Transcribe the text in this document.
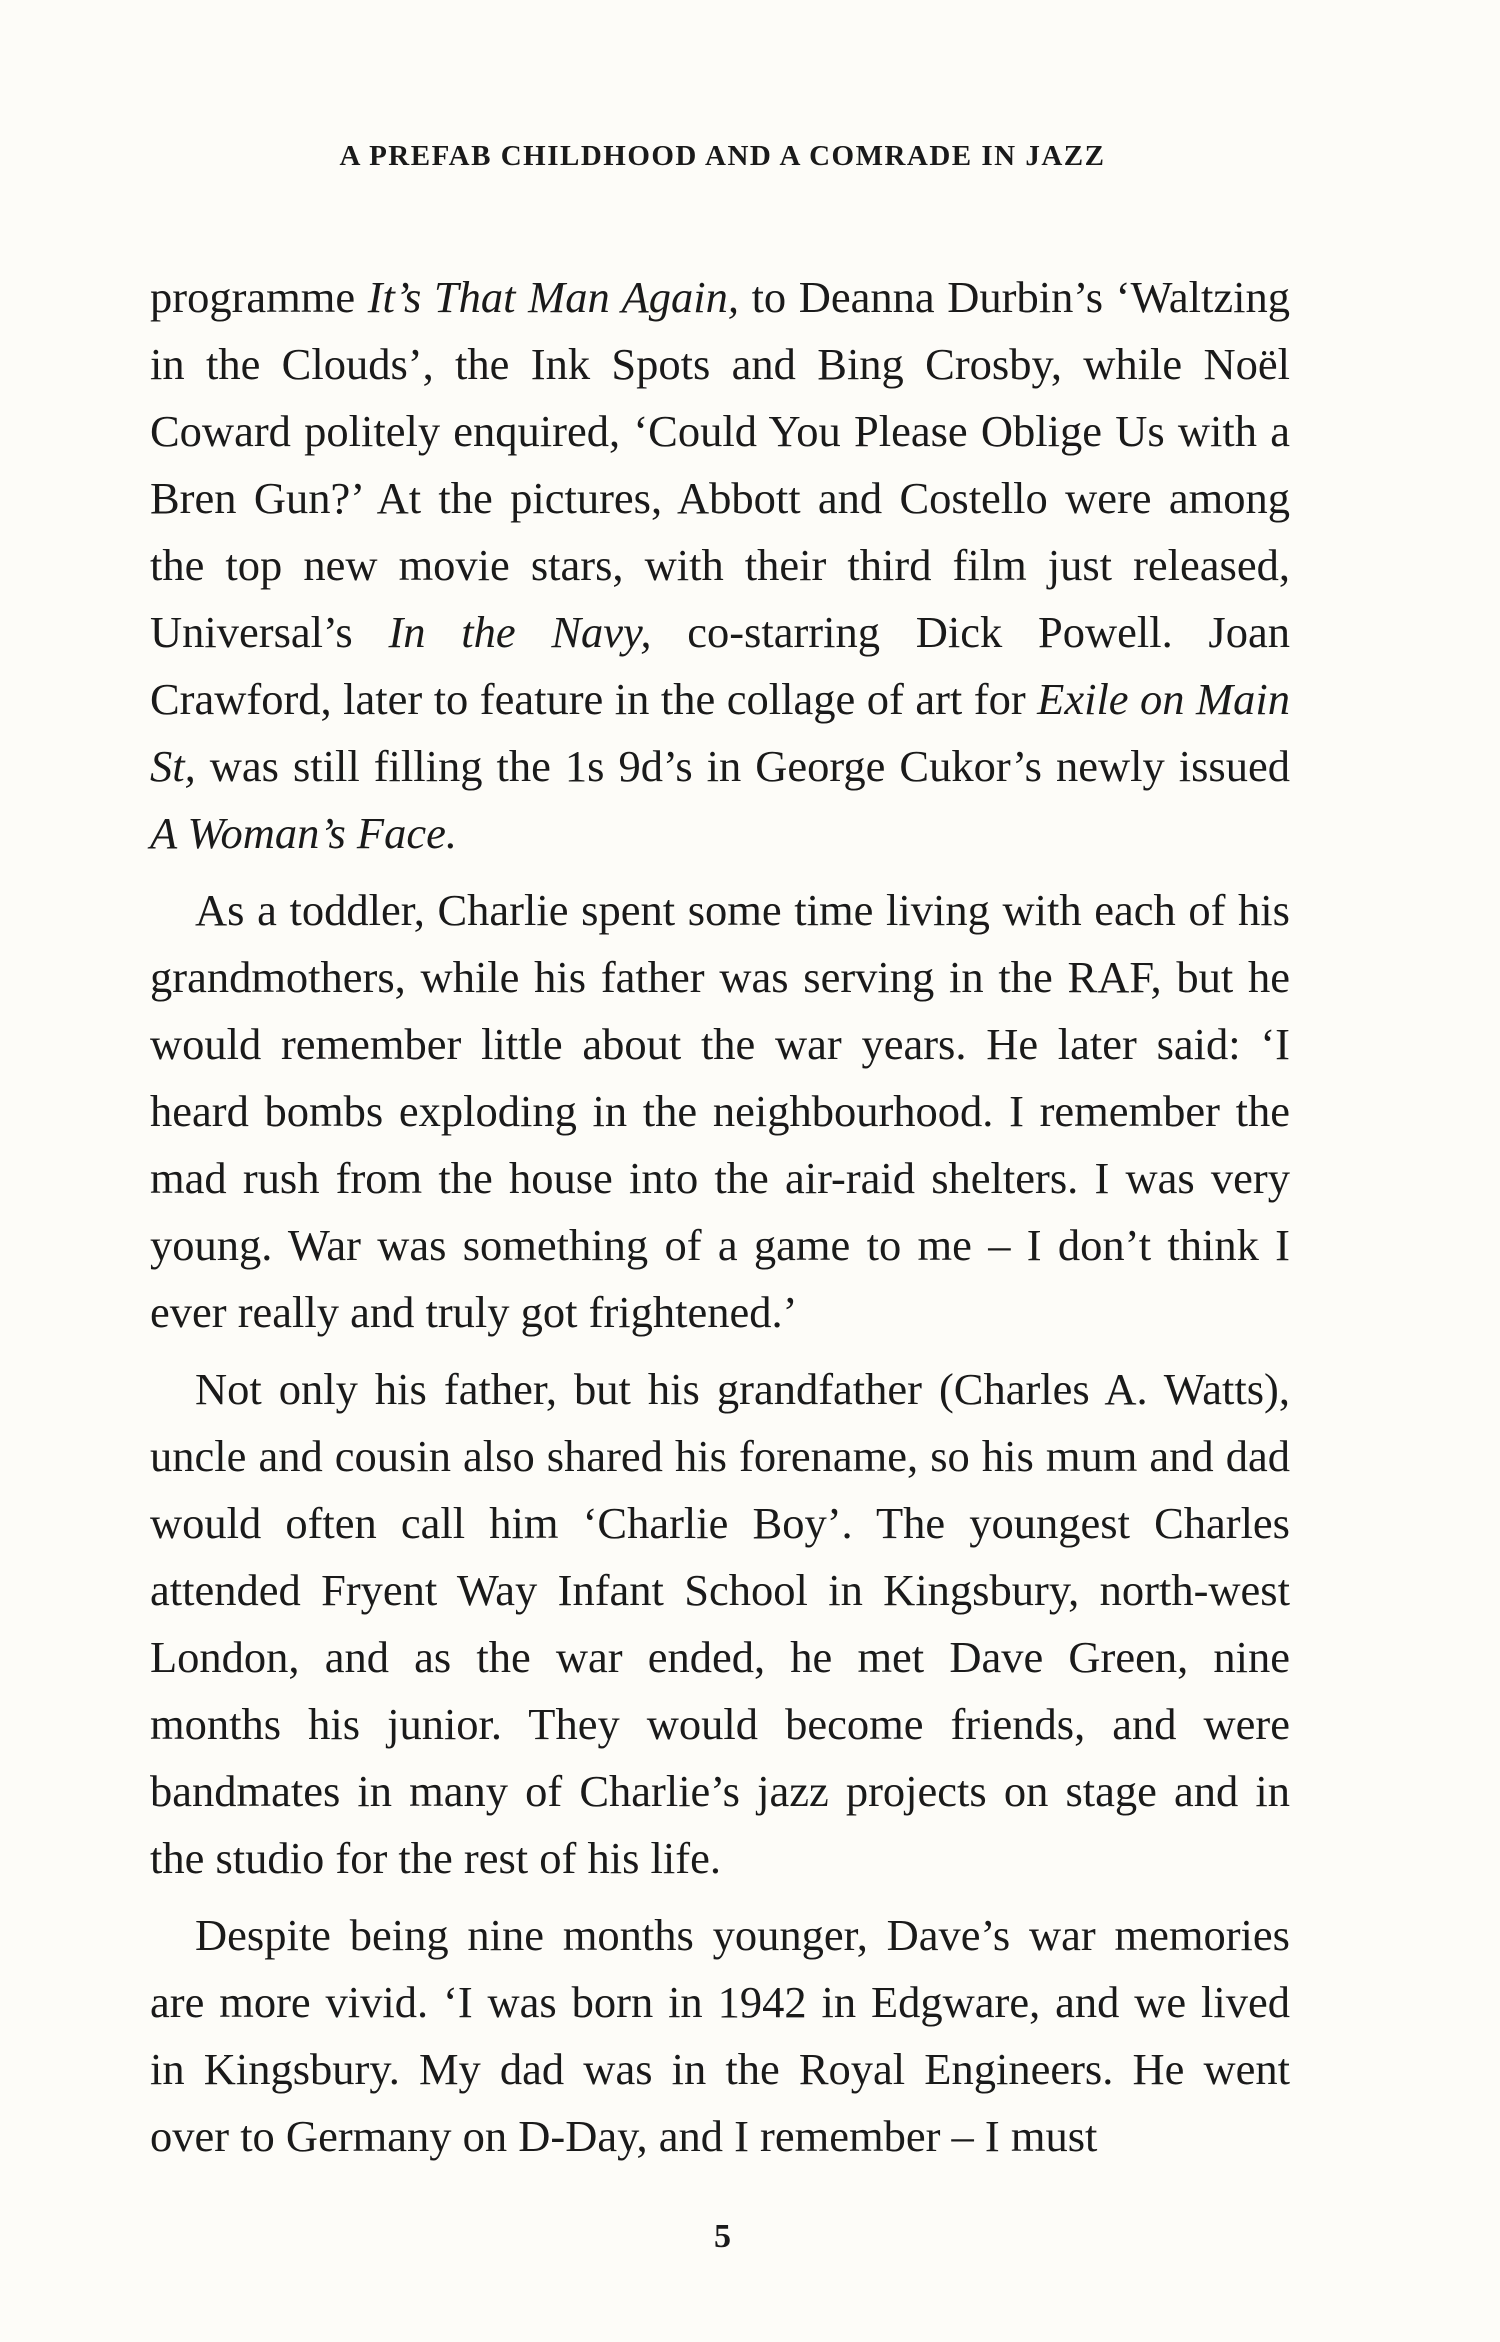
A PREFAB CHILDHOOD AND A COMRADE IN JAZZ

programme It’s That Man Again, to Deanna Durbin’s ‘Waltzing in the Clouds’, the Ink Spots and Bing Crosby, while Noël Coward politely enquired, ‘Could You Please Oblige Us with a Bren Gun?’ At the pictures, Abbott and Costello were among the top new movie stars, with their third film just released, Universal’s In the Navy, co-starring Dick Powell. Joan Crawford, later to feature in the collage of art for Exile on Main St, was still filling the 1s 9d’s in George Cukor’s newly issued A Woman’s Face.

As a toddler, Charlie spent some time living with each of his grandmothers, while his father was serving in the RAF, but he would remember little about the war years. He later said: ‘I heard bombs exploding in the neighbourhood. I remember the mad rush from the house into the air-raid shelters. I was very young. War was something of a game to me – I don’t think I ever really and truly got frightened.’

Not only his father, but his grandfather (Charles A. Watts), uncle and cousin also shared his forename, so his mum and dad would often call him ‘Charlie Boy’. The youngest Charles attended Fryent Way Infant School in Kingsbury, north-west London, and as the war ended, he met Dave Green, nine months his junior. They would become friends, and were bandmates in many of Charlie’s jazz projects on stage and in the studio for the rest of his life.

Despite being nine months younger, Dave’s war memories are more vivid. ‘I was born in 1942 in Edgware, and we lived in Kingsbury. My dad was in the Royal Engineers. He went over to Germany on D-Day, and I remember – I must

5
